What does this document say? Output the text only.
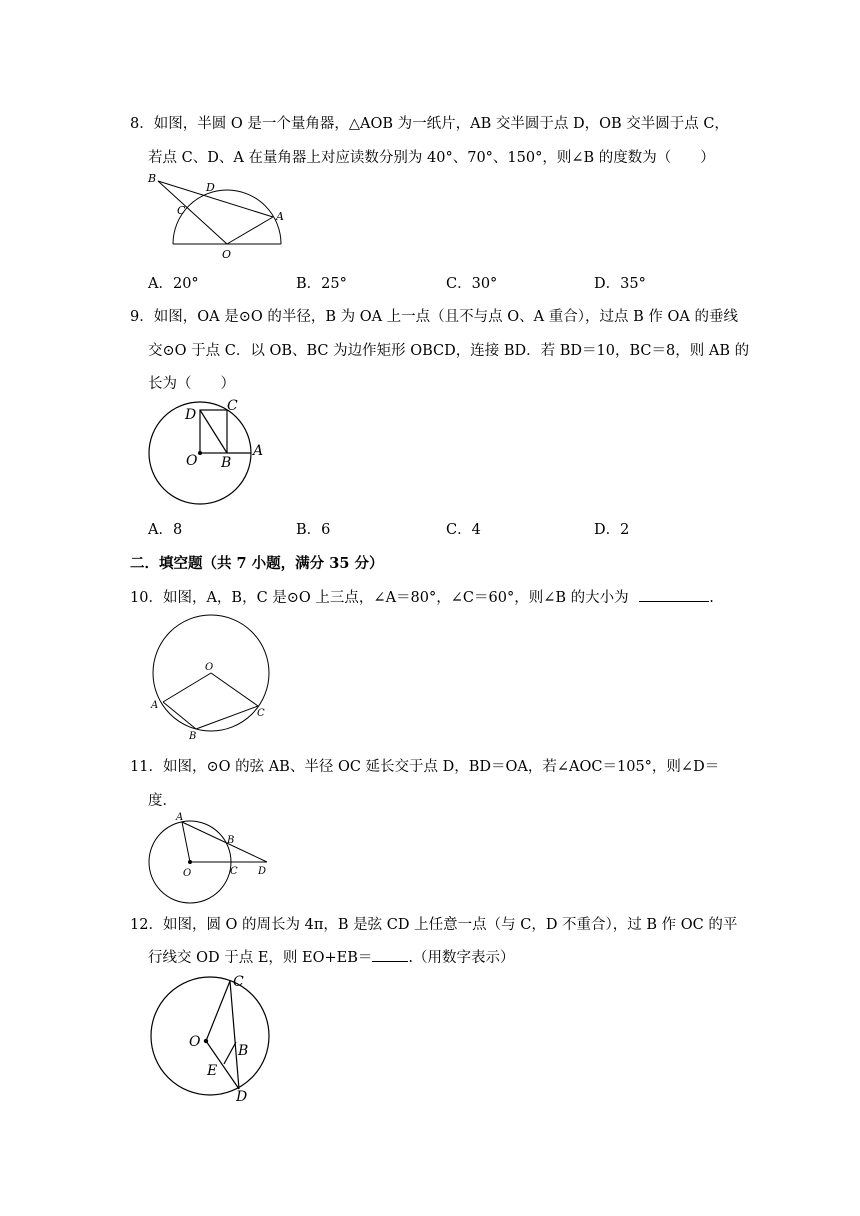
8．如图，半圆 O 是一个量角器，△AOB 为一纸片，AB 交半圆于点 D，OB 交半圆于点 C，
若点 C、D、A 在量角器上对应读数分别为 40°、70°、150°，则∠B 的度数为（　　）
B
D
C	A
O
A．20°	B．25°	C．30°	D．35°
9．如图，OA 是⊙O 的半径，B 为 OA 上一点（且不与点 O、A 重合），过点 B 作 OA 的垂线
交⊙O 于点 C．以 OB、BC 为边作矩形 OBCD，连接 BD．若 BD＝10，BC＝8，则 AB 的
长为（　　）
D
C
O B
A
A．8	B．6	C．4	D．2
二．填空题（共 7 小题，满分 35 分）
10．如图，A，B，C 是⊙O 上三点，∠A＝80°，∠C＝60°，则∠B 的大小为	.
O
A
B
C
11．如图，⊙O 的弦 AB、半径 OC 延长交于点 D，BD＝OA，若∠AOC＝105°，则∠D＝
度．
A
B
O	C D
12．如图，圆 O 的周长为 4π，B 是弦 CD 上任意一点（与 C，D 不重合），过 B 作 OC 的平
行线交 OD 于点 E，则 EO+EB＝ .（用数字表示）
C
O
B
E
D
